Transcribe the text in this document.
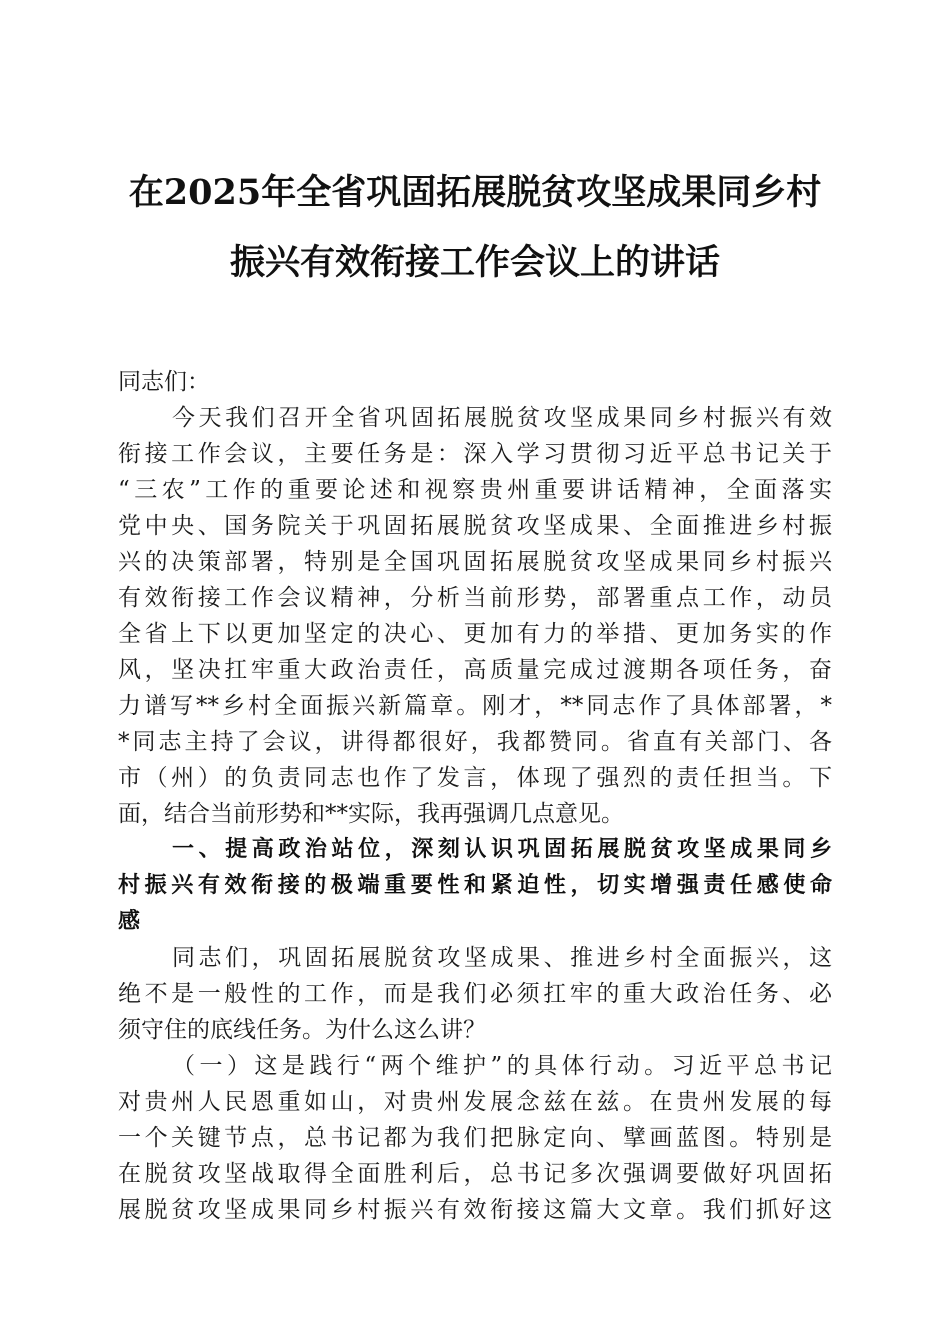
在2025年全省巩固拓展脱贫攻坚成果同乡村
振兴有效衔接工作会议上的讲话
同志们：
今天我们召开全省巩固拓展脱贫攻坚成果同乡村振兴有效
衔接工作会议，主要任务是：深入学习贯彻习近平总书记关于
“三农”工作的重要论述和视察贵州重要讲话精神，全面落实
党中央、国务院关于巩固拓展脱贫攻坚成果、全面推进乡村振
兴的决策部署，特别是全国巩固拓展脱贫攻坚成果同乡村振兴
有效衔接工作会议精神，分析当前形势，部署重点工作，动员
全省上下以更加坚定的决心、更加有力的举措、更加务实的作
风，坚决扛牢重大政治责任，高质量完成过渡期各项任务，奋
力谱写**乡村全面振兴新篇章。刚才，**同志作了具体部署，*
*同志主持了会议，讲得都很好，我都赞同。省直有关部门、各
市（州）的负责同志也作了发言，体现了强烈的责任担当。下
面，结合当前形势和**实际，我再强调几点意见。
一、提高政治站位，深刻认识巩固拓展脱贫攻坚成果同乡
村振兴有效衔接的极端重要性和紧迫性，切实增强责任感使命
感
同志们，巩固拓展脱贫攻坚成果、推进乡村全面振兴，这
绝不是一般性的工作，而是我们必须扛牢的重大政治任务、必
须守住的底线任务。为什么这么讲？
（一）这是践行“两个维护”的具体行动。习近平总书记
对贵州人民恩重如山，对贵州发展念兹在兹。在贵州发展的每
一个关键节点，总书记都为我们把脉定向、擘画蓝图。特别是
在脱贫攻坚战取得全面胜利后，总书记多次强调要做好巩固拓
展脱贫攻坚成果同乡村振兴有效衔接这篇大文章。我们抓好这
